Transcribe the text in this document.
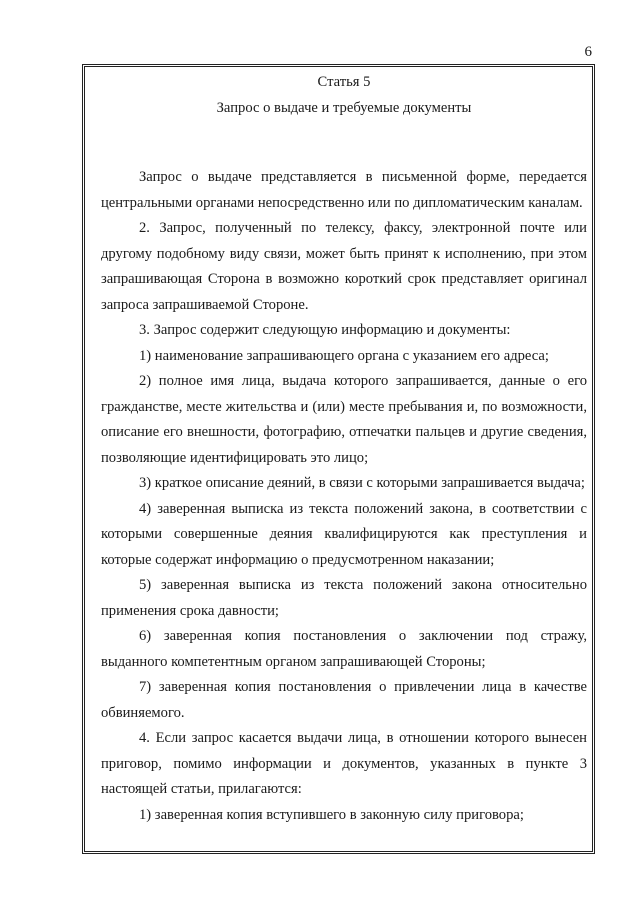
6
Статья 5
Запрос о выдаче и требуемые документы

Запрос о выдаче представляется в письменной форме, передается центральными органами непосредственно или по дипломатическим каналам.

2. Запрос, полученный по телексу, факсу, электронной почте или другому подобному виду связи, может быть принят к исполнению, при этом запрашивающая Сторона в возможно короткий срок представляет оригинал запроса запрашиваемой Стороне.

3. Запрос содержит следующую информацию и документы:

1) наименование запрашивающего органа с указанием его адреса;

2) полное имя лица, выдача которого запрашивается, данные о его гражданстве, месте жительства и (или) месте пребывания и, по возможности, описание его внешности, фотографию, отпечатки пальцев и другие сведения, позволяющие идентифицировать это лицо;

3) краткое описание деяний, в связи с которыми запрашивается выдача;

4) заверенная выписка из текста положений закона, в соответствии с которыми совершенные деяния квалифицируются как преступления и которые содержат информацию о предусмотренном наказании;

5) заверенная выписка из текста положений закона относительно применения срока давности;

6) заверенная копия постановления о заключении под стражу, выданного компетентным органом запрашивающей Стороны;

7) заверенная копия постановления о привлечении лица в качестве обвиняемого.

4. Если запрос касается выдачи лица, в отношении которого вынесен приговор, помимо информации и документов, указанных в пункте 3 настоящей статьи, прилагаются:

1) заверенная копия вступившего в законную силу приговора;
